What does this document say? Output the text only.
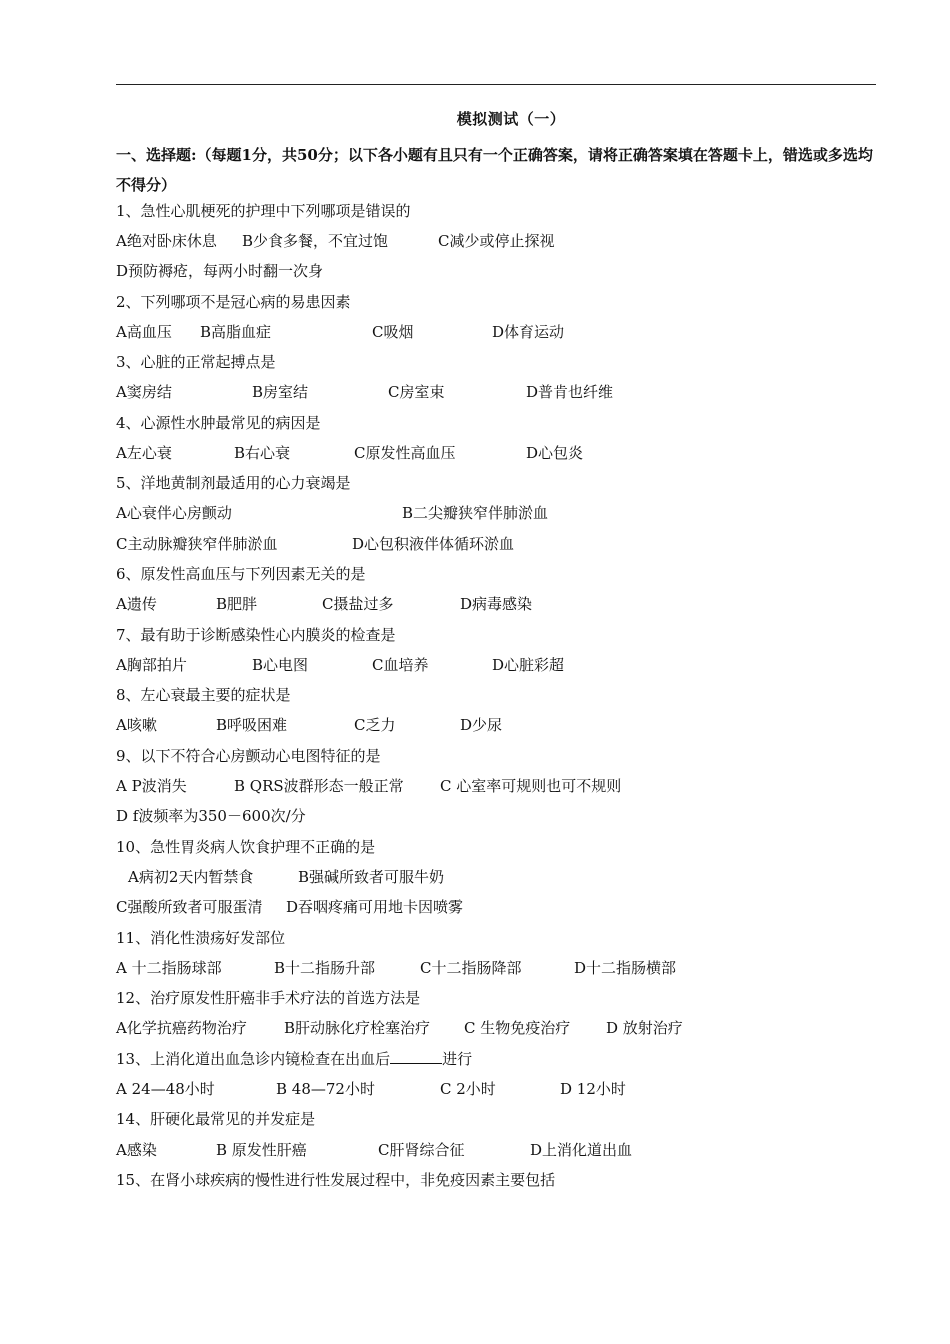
模拟测试（一）
一、选择题:（每题1分，共50分；以下各小题有且只有一个正确答案，请将正确答案填在答题卡上，错选或多选均不得分）
1、急性心肌梗死的护理中下列哪项是错误的
A绝对卧床休息 B少食多餐，不宜过饱	C减少或停止探视
D预防褥疮，每两小时翻一次身
2、下列哪项不是冠心病的易患因素
A高血压 B高脂血症	C吸烟	D体育运动
3、心脏的正常起搏点是
A窦房结	B房室结	C房室束	D普肯也纤维
4、心源性水肿最常见的病因是
A左心衰	B右心衰	C原发性高血压	D心包炎
5、洋地黄制剂最适用的心力衰竭是
A心衰伴心房颤动	B二尖瓣狭窄伴肺淤血
C主动脉瓣狭窄伴肺淤血	D心包积液伴体循环淤血
6、原发性高血压与下列因素无关的是
A遗传	B肥胖	C摄盐过多	D病毒感染
7、最有助于诊断感染性心内膜炎的检查是
A胸部拍片	B心电图	C血培养	D心脏彩超
8、左心衰最主要的症状是
A咳嗽	B呼吸困难	C乏力	D少尿
9、以下不符合心房颤动心电图特征的是
A P波消失	B QRS波群形态一般正常 C 心室率可规则也可不规则
D f波频率为350－600次/分
10、急性胃炎病人饮食护理不正确的是
A病初2天内暂禁食	B强碱所致者可服牛奶
C强酸所致者可服蛋清 D吞咽疼痛可用地卡因喷雾
11、消化性溃疡好发部位
A 十二指肠球部	B十二指肠升部	C十二指肠降部	D十二指肠横部
12、治疗原发性肝癌非手术疗法的首选方法是
A化学抗癌药物治疗 B肝动脉化疗栓塞治疗 C 生物免疫治疗 D 放射治疗
13、上消化道出血急诊内镜检查在出血后	进行
A 24—48小时	B 48—72小时	C 2小时	D 12小时
14、肝硬化最常见的并发症是
A感染	B 原发性肝癌	C肝肾综合征	D上消化道出血
15、在肾小球疾病的慢性进行性发展过程中，非免疫因素主要包括
